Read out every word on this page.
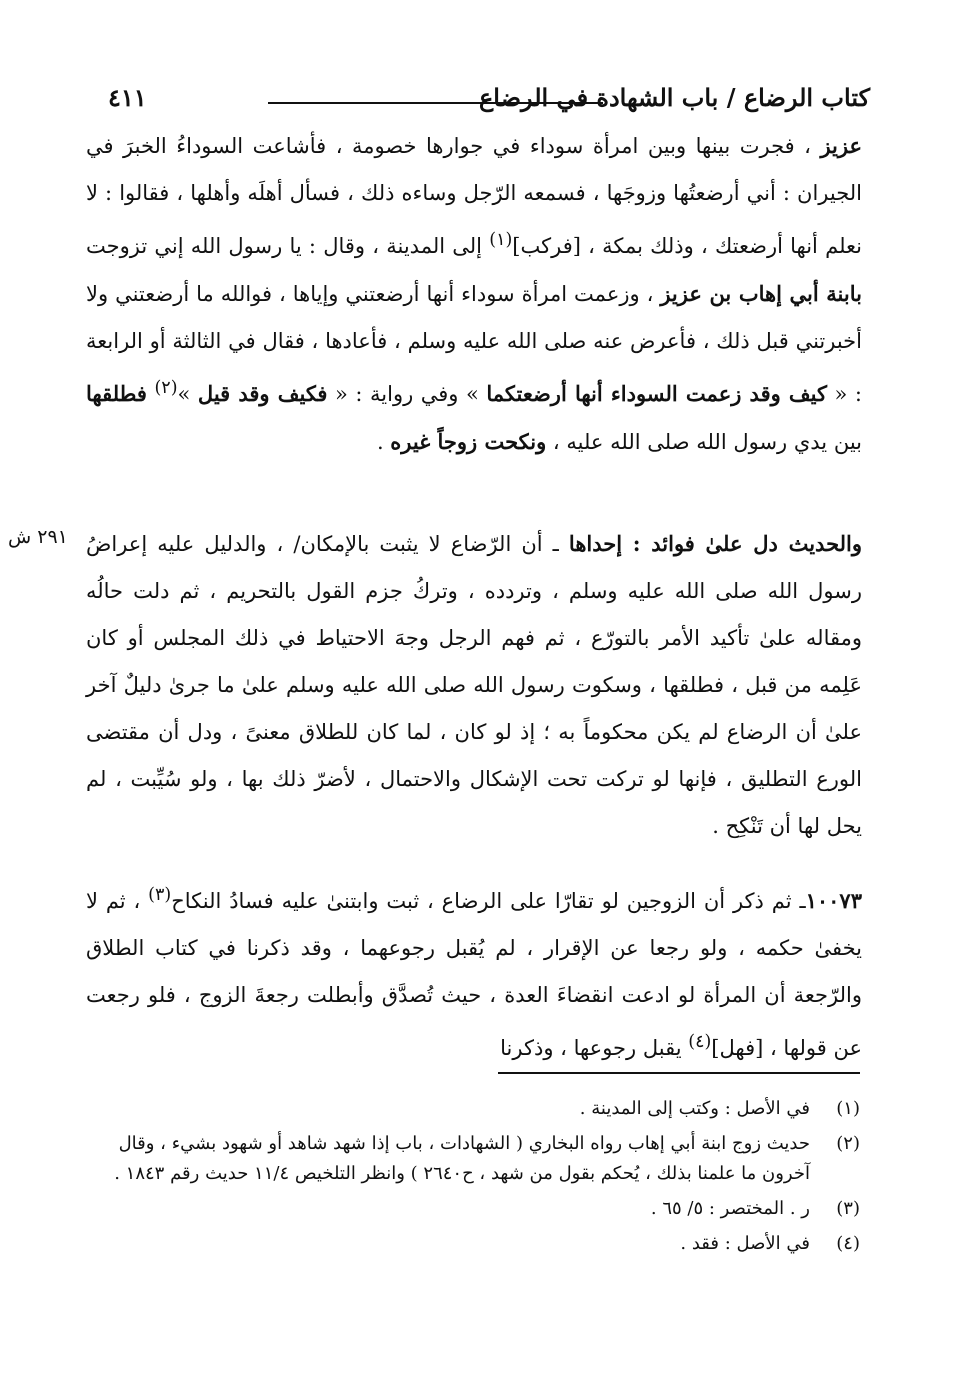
٤١١	كتاب الرضاع / باب الشهادة في الرضاع

عزيز ، فجرت بينها وبين امرأة سوداء في جوارها خصومة ، فأشاعت السوداءُ الخبرَ في الجيران : أني أرضعتُها وزوجَها ، فسمعه الرّجل وساءه ذلك ، فسأل أهلَه وأهلها ، فقالوا : لا نعلم أنها أرضعتك ، وذلك بمكة ، [فركب]$^{(١)}$ إلى المدينة ، وقال : يا رسول الله إني تزوجت بابنة أبي إهاب بن عزيز ، وزعمت امرأة سوداء أنها أرضعتني وإياها ، فوالله ما أرضعتني ولا أخبرتني قبل ذلك ، فأعرض عنه صلى الله عليه وسلم ، فأعادها ، فقال في الثالثة أو الرابعة : « كيف وقد زعمت السوداء أنها أرضعتكما » وفي رواية : « فكيف وقد قيل »$^{(٢)}$ فطلقها بين يدي رسول الله صلى الله عليه ، ونكحت زوجاً غيره .

والحديث دل علىٰ فوائد : إحداها ـ أن الرّضاع لا يثبت بالإمكان/ ، والدليل عليه إعراضُ رسول الله صلى الله عليه وسلم ، وتردده ، وتركُ جزم القول بالتحريم ، ثم دلت حالُه ومقاله علىٰ تأكيد الأمر بالتورّع ، ثم فهم الرجل وجهَ الاحتياط في ذلك المجلس أو كان عَلِمه من قبل ، فطلقها ، وسكوت رسول الله صلى الله عليه وسلم علىٰ ما جرىٰ دليلٌ آخر علىٰ أن الرضاع لم يكن محكوماً به ؛ إذ لو كان ، لما كان للطلاق معنىً ، ودل أن مقتضى الورع التطليق ، فإنها لو تركت تحت الإشكال والاحتمال ، لأضرّ ذلك بها ، ولو سُيِّبت ، لم يحل لها أن تَنْكِح .

٢٩١ ش

١٠٠٧٣ـ ثم ذكر أن الزوجين لو تقارّا على الرضاع ، ثبت وابتنىٰ عليه فسادُ النكاح$^{(٣)}$ ، ثم لا يخفىٰ حكمه ، ولو رجعا عن الإقرار ، لم يُقبل رجوعهما ، وقد ذكرنا في كتاب الطلاق والرّجعة أن المرأة لو ادعت انقضاءَ العدة ، حيث تُصدَّق وأبطلت رجعةَ الزوج ، فلو رجعت عن قولها ، [فهل]$^{(٤)}$ يقبل رجوعها ، وذكرنا

(١)
في الأصل : وكتب إلى المدينة .
(٢)
حديث زوج ابنة أبي إهاب رواه البخاري ( الشهادات ، باب إذا شهد شاهد أو شهود بشيء ، وقال آخرون ما علمنا بذلك ، يُحكم بقول من شهد ، ح٢٦٤٠ ) وانظر التلخيص ١١/٤ حديث رقم ١٨٤٣ .
(٣)
ر . المختصر : ٥/ ٦٥ .
(٤)
في الأصل : فقد .
